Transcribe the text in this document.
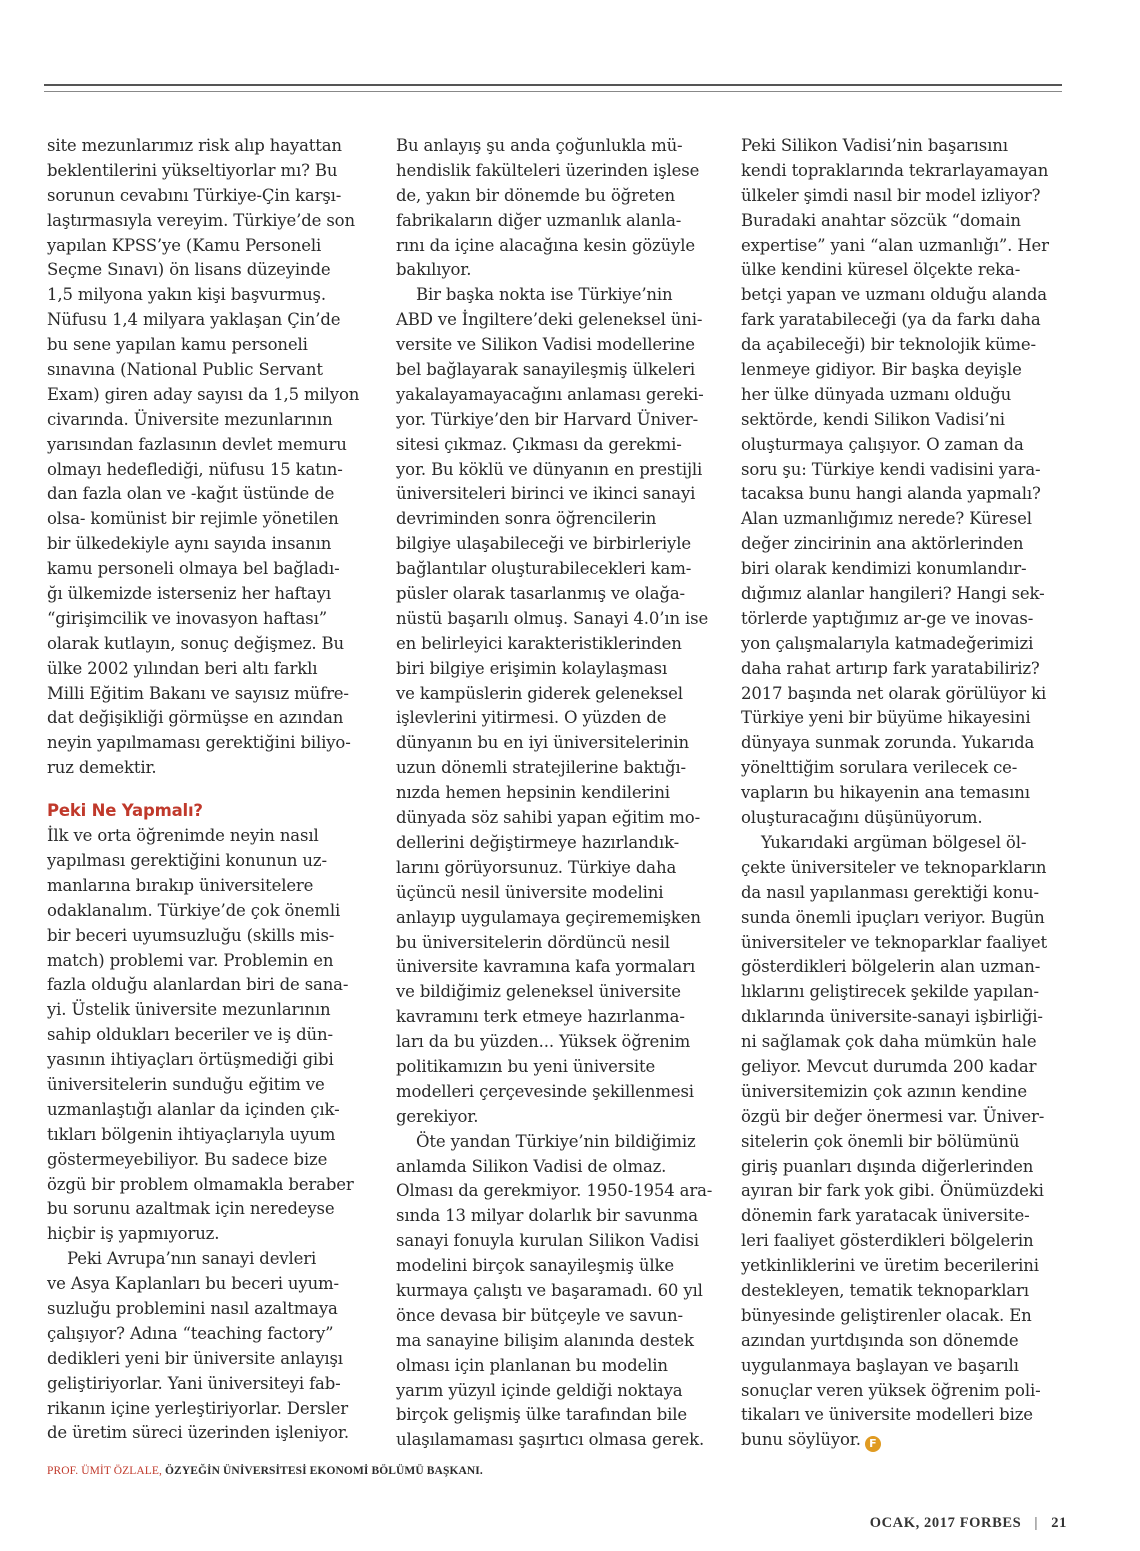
site mezunlarımız risk alıp hayattan
beklentilerini yükseltiyorlar mı? Bu
sorunun cevabını Türkiye-Çin karşı-
laştırmasıyla vereyim. Türkiye’de son
yapılan KPSS’ye (Kamu Personeli
Seçme Sınavı) ön lisans düzeyinde
1,5 milyona yakın kişi başvurmuş.
Nüfusu 1,4 milyara yaklaşan Çin’de
bu sene yapılan kamu personeli
sınavına (National Public Servant
Exam) giren aday sayısı da 1,5 milyon
civarında. Üniversite mezunlarının
yarısından fazlasının devlet memuru
olmayı hedeflediği, nüfusu 15 katın-
dan fazla olan ve -kağıt üstünde de
olsa- komünist bir rejimle yönetilen
bir ülkedekiyle aynı sayıda insanın
kamu personeli olmaya bel bağladı-
ğı ülkemizde isterseniz her haftayı
“girişimcilik ve inovasyon haftası”
olarak kutlayın, sonuç değişmez. Bu
ülke 2002 yılından beri altı farklı
Milli Eğitim Bakanı ve sayısız müfre-
dat değişikliği görmüşse en azından
neyin yapılmaması gerektiğini biliyo-
ruz demektir.
Peki Ne Yapmalı?
İlk ve orta öğrenimde neyin nasıl
yapılması gerektiğini konunun uz-
manlarına bırakıp üniversitelere
odaklanalım. Türkiye’de çok önemli
bir beceri uyumsuzluğu (skills mis-
match) problemi var. Problemin en
fazla olduğu alanlardan biri de sana-
yi. Üstelik üniversite mezunlarının
sahip oldukları beceriler ve iş dün-
yasının ihtiyaçları örtüşmediği gibi
üniversitelerin sunduğu eğitim ve
uzmanlaştığı alanlar da içinden çık-
tıkları bölgenin ihtiyaçlarıyla uyum
göstermeyebiliyor. Bu sadece bize
özgü bir problem olmamakla beraber
bu sorunu azaltmak için neredeyse
hiçbir iş yapmıyoruz.
Peki Avrupa’nın sanayi devleri
ve Asya Kaplanları bu beceri uyum-
suzluğu problemini nasıl azaltmaya
çalışıyor? Adına “teaching factory”
dedikleri yeni bir üniversite anlayışı
geliştiriyorlar. Yani üniversiteyi fab-
rikanın içine yerleştiriyorlar. Dersler
de üretim süreci üzerinden işleniyor.
Bu anlayış şu anda çoğunlukla mü-
hendislik fakülteleri üzerinden işlese
de, yakın bir dönemde bu öğreten
fabrikaların diğer uzmanlık alanla-
rını da içine alacağına kesin gözüyle
bakılıyor.
Bir başka nokta ise Türkiye’nin
ABD ve İngiltere’deki geleneksel üni-
versite ve Silikon Vadisi modellerine
bel bağlayarak sanayileşmiş ülkeleri
yakalayamayacağını anlaması gereki-
yor. Türkiye’den bir Harvard Üniver-
sitesi çıkmaz. Çıkması da gerekmi-
yor. Bu köklü ve dünyanın en prestijli
üniversiteleri birinci ve ikinci sanayi
devriminden sonra öğrencilerin
bilgiye ulaşabileceği ve birbirleriyle
bağlantılar oluşturabilecekleri kam-
püsler olarak tasarlanmış ve olağa-
nüstü başarılı olmuş. Sanayi 4.0’ın ise
en belirleyici karakteristiklerinden
biri bilgiye erişimin kolaylaşması
ve kampüslerin giderek geleneksel
işlevlerini yitirmesi. O yüzden de
dünyanın bu en iyi üniversitelerinin
uzun dönemli stratejilerine baktığı-
nızda hemen hepsinin kendilerini
dünyada söz sahibi yapan eğitim mo-
dellerini değiştirmeye hazırlandık-
larını görüyorsunuz. Türkiye daha
üçüncü nesil üniversite modelini
anlayıp uygulamaya geçirememişken
bu üniversitelerin dördüncü nesil
üniversite kavramına kafa yormaları
ve bildiğimiz geleneksel üniversite
kavramını terk etmeye hazırlanma-
ları da bu yüzden... Yüksek öğrenim
politikamızın bu yeni üniversite
modelleri çerçevesinde şekillenmesi
gerekiyor.
Öte yandan Türkiye’nin bildiğimiz
anlamda Silikon Vadisi de olmaz.
Olması da gerekmiyor. 1950-1954 ara-
sında 13 milyar dolarlık bir savunma
sanayi fonuyla kurulan Silikon Vadisi
modelini birçok sanayileşmiş ülke
kurmaya çalıştı ve başaramadı. 60 yıl
önce devasa bir bütçeyle ve savun-
ma sanayine bilişim alanında destek
olması için planlanan bu modelin
yarım yüzyıl içinde geldiği noktaya
birçok gelişmiş ülke tarafından bile
ulaşılamaması şaşırtıcı olmasa gerek.
Peki Silikon Vadisi’nin başarısını
kendi topraklarında tekrarlayamayan
ülkeler şimdi nasıl bir model izliyor?
Buradaki anahtar sözcük “domain
expertise” yani “alan uzmanlığı”. Her
ülke kendini küresel ölçekte reka-
betçi yapan ve uzmanı olduğu alanda
fark yaratabileceği (ya da farkı daha
da açabileceği) bir teknolojik küme-
lenmeye gidiyor. Bir başka deyişle
her ülke dünyada uzmanı olduğu
sektörde, kendi Silikon Vadisi’ni
oluşturmaya çalışıyor. O zaman da
soru şu: Türkiye kendi vadisini yara-
tacaksa bunu hangi alanda yapmalı?
Alan uzmanlığımız nerede? Küresel
değer zincirinin ana aktörlerinden
biri olarak kendimizi konumlandır-
dığımız alanlar hangileri? Hangi sek-
törlerde yaptığımız ar-ge ve inovas-
yon çalışmalarıyla katmadeğerimizi
daha rahat artırıp fark yaratabiliriz?
2017 başında net olarak görülüyor ki
Türkiye yeni bir büyüme hikayesini
dünyaya sunmak zorunda. Yukarıda
yönelttiğim sorulara verilecek ce-
vapların bu hikayenin ana temasını
oluşturacağını düşünüyorum.
Yukarıdaki argüman bölgesel öl-
çekte üniversiteler ve teknoparkların
da nasıl yapılanması gerektiği konu-
sunda önemli ipuçları veriyor. Bugün
üniversiteler ve teknoparklar faaliyet
gösterdikleri bölgelerin alan uzman-
lıklarını geliştirecek şekilde yapılan-
dıklarında üniversite-sanayi işbirliği-
ni sağlamak çok daha mümkün hale
geliyor. Mevcut durumda 200 kadar
üniversitemizin çok azının kendine
özgü bir değer önermesi var. Üniver-
sitelerin çok önemli bir bölümünü
giriş puanları dışında diğerlerinden
ayıran bir fark yok gibi. Önümüzdeki
dönemin fark yaratacak üniversite-
leri faaliyet gösterdikleri bölgelerin
yetkinliklerini ve üretim becerilerini
destekleyen, tematik teknoparkları
bünyesinde geliştirenler olacak. En
azından yurtdışında son dönemde
uygulanmaya başlayan ve başarılı
sonuçlar veren yüksek öğrenim poli-
tikaları ve üniversite modelleri bize
bunu söylüyor. F
PROF. ÜMİT ÖZLALE, ÖZYEĞİN ÜNİVERSİTESİ EKONOMİ BÖLÜMÜ BAŞKANI.
OCAK, 2017 FORBES | 21
